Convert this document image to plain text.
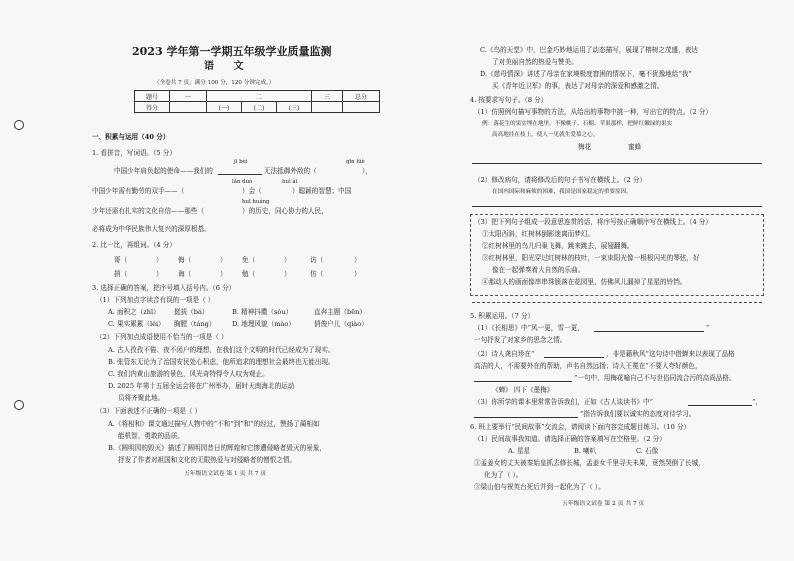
2023 学年第一学期五年级学业质量监测
语 文
（全卷共 7 页，满分 100 分，120 分钟完成。）
题号	一	二			三	总分
得分		(一)	(二)	(三)		
一、积累与运用（40 分）
1. 看拼音，写词语。（5 分）
jī bèi	qīn lüè
中国少年肩负起的使命——我们的	无法抵御外敌的（	），
lǎn duò	huì ǎi
中国少年需有勤劳的双手——（	）会（	）聪颖的智慧；中国
huī huáng
少年还需有扎实的文化自信——那些（	）的历史，同心协力的人民，
必将成为中华民族伟大复兴的深厚根基。
2. 比一比，再组词。（4 分）
哥（	） 侮（	） 免（	）	访（	）
捎（	） 诲（	） 勉（	）	仿（	）
3. 选择正确的答案，把序号填入括号内。（6 分）
（1）下列加点字读音有误的一项是（ ）
A. 面积之（zhī） 挺拔（bá）	B. 精神抖擞（sǒu）	直奔主题（bēn）
C. 果实累累（léi） 胸膛（táng）	D. 地理风貌（mào）	俏俊户儿（qiào）
（2）下列加点成语使用不恰当的一项是（ ）
A. 古人孜孜不倦、夜不闭户的理想，在我们这个文明的时代已经成为了现实。
B. 张管东无论为了治国安民处心积虑，他所追求的理想社会最终也无能出现。
C. 我们内黄山旅游的景色，风光奇特得令人叹为观止。
D. 2025 年第十五届全运会将在广州举办，届时天南海北的运动
员将齐聚此地。
（3）下面表述不正确的一项是（ ）
A.《将相和》课文通过描写人物中的“不和”到“和”的经过，赞扬了蔺相如
能机智、勇敢的品质。
B.《圆明园的毁灭》描述了圆明园昔日的辉煌和它惨遭侵略者毁灭的景象，
抒发了作者对祖国和文化的无限热爱与对侵略者的憎恨之情。
五年级语文试卷 第 1 页 共 7 页
C.《鸟的天堂》中，巴金巧妙地运用了动态描写，展现了榕树之茂盛，表达
了对美丽自然的热爱与赞美。
D.《慈母情深》讲述了母亲在家境极度窘困的情况下，毫不犹豫地给“我”
买《青年近卫军》的事，表达了对母亲的深爱和感激之情。
4. 按要求写句子。（8 分）
（1）仿照例句描写事物的方法，从给出的事物中挑一种，写出它的特点。（2 分）
例：落花生的果实埋在地里，不像桃子、石榴、苹果那样，把鲜红嫩绿的果实
高高地挂在枝上，使人一见就生爱慕之心。
梅花	蜜蜂
（2）修改病句，请将修改后的句子书写在横线上。（2 分）
在国内国际和麻烦的困难，我国是国家稳定的重要原因。
（3）把下列句子组成一段意思连贯的话，将序号按正确顺序写在横线上。（4 分）
①太阳西斜，红树林倒影迷离而梦幻。
②红树林里的鸟儿归巢飞舞，跳来跳去，展翅翻舞。
③红树林里，阳光穿过红树林的枝叶，一束束阳光像一根根闪光的琴弦，好
像在一起弹奏着大自然的乐曲。
④那动人的画面像串串珠簇落在花园里，仿佛风儿漏掉了星星的铃铛。
5. 积累运用。（7 分）
（1）《长相思》中“风一更，雪一更，	”
一句抒发了对家乡的思念之情。
（2）诗人龚自珍在“	，非是藉秋风”这句诗中借蝉来以表现了品格
高洁的人，不需要外在的帮助，声名自然远扬；诗人王冕在“不要人夸好颜色，
”一句中，用梅花喻自己不与世俗同流合污的高尚品格。
《蝉》 四下《墨梅》
（3）你所学的课本里常常告诉我们，正如《古人谈读书》中“	”，
”指告诉我们要以诚实的态度对待学习。
6. 班上要举行“民间故事”交流会，请阅读下面内容完成题目练习。（10 分）
（1）民间故事我知道。请选择正确的答案填写在空格里。（2 分）
A. 星星	B. 喇叭	C. 石像
①孟姜女的丈夫被秦始皇抓去修长城，孟姜女千里寻夫未果，竟然哭倒了长城，
化为了（ ）。
③梁山伯与祝英台死后并到一起化为了（ ）。
五年级语文试卷 第 2 页 共 7 页
